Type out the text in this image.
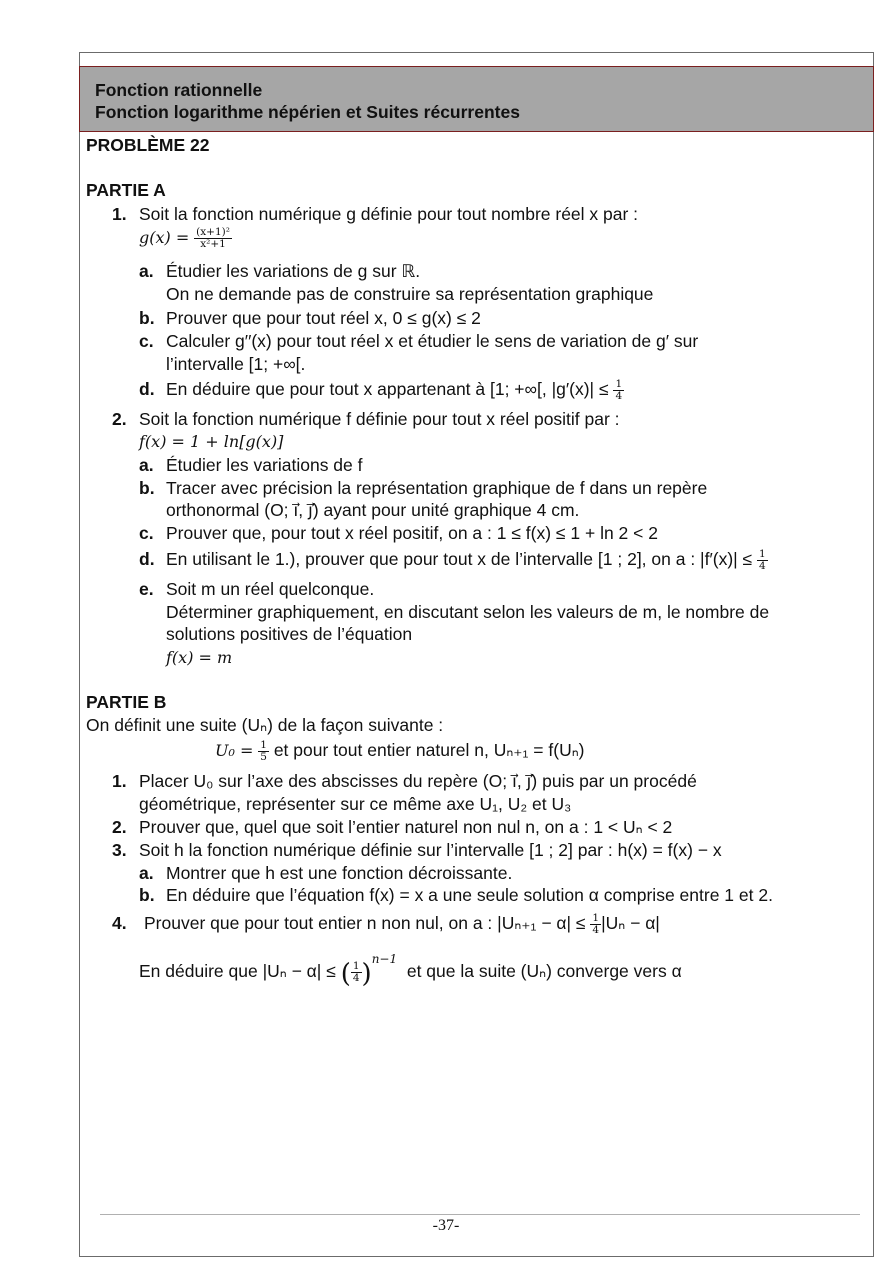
Fonction rationnelle
Fonction logarithme népérien et Suites récurrentes
PROBLÈME 22
PARTIE A
1. Soit la fonction numérique g définie pour tout nombre réel x par :
$g(x) = \frac{\text{(x+1)²}}{\text{x²+1}}$
a. Étudier les variations de g sur ℝ.
On ne demande pas de construire sa représentation graphique
b. Prouver que pour tout réel x, 0 ≤ g(x) ≤ 2
c. Calculer g′′(x) pour tout réel x et étudier le sens de variation de g′ sur
l’intervalle [1; +∞[.
d. En déduire que pour tout x appartenant à [1; +∞[, $|g'(x)| \le \frac{1}{4}$
2. Soit la fonction numérique f définie pour tout x réel positif par :
f(x) = 1 + ln[g(x)]
a. Étudier les variations de f
b. Tracer avec précision la représentation graphique de f dans un repère
orthonormal (O; i⃗, j⃗) ayant pour unité graphique 4 cm.
c. Prouver que, pour tout x réel positif, on a : 1 ≤ f(x) ≤ 1 + ln 2 < 2
d. En utilisant le 1.), prouver que pour tout x de l’intervalle [1 ; 2], on a : $|f'(x)| \le \frac{1}{4}$
e. Soit m un réel quelconque.
Déterminer graphiquement, en discutant selon les valeurs de m, le nombre de
solutions positives de l’équation
f(x) = m
PARTIE B
On définit une suite (Uₙ) de la façon suivante :
$U_0 = \frac{1}{5}$ et pour tout entier naturel n, Uₙ₊₁ = f(Uₙ)
1. Placer U₀ sur l’axe des abscisses du repère (O; i⃗, j⃗) puis par un procédé
géométrique, représenter sur ce même axe U₁, U₂ et U₃
2. Prouver que, quel que soit l’entier naturel non nul n, on a : 1 < Uₙ < 2
3. Soit h la fonction numérique définie sur l’intervalle [1 ; 2] par : h(x) = f(x) − x
a. Montrer que h est une fonction décroissante.
b. En déduire que l’équation f(x) = x a une seule solution α comprise entre 1 et 2.
4. Prouver que pour tout entier n non nul, on a : $|U_{n+1} - \alpha| \le \frac{1}{4} |U_n - \alpha|$
En déduire que |Uₙ − α| ≤ ( $\frac{1}{4} )^{n-1}$  et que la suite (Uₙ) converge vers α
-37-
